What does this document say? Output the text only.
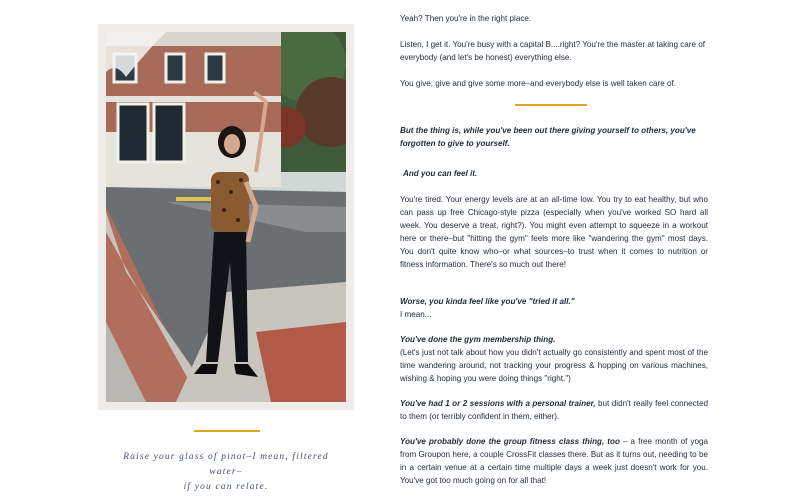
Raise your glass of pinot–I mean, filtered water–
if you can relate.

Yeah? Then you're in the right place.

Listen, I get it. You're busy with a capital B....right? You're the master at taking care of everybody (and let's be honest) everything else.

You give, give and give some more–and everybody else is well taken care of.

But the thing is, while you've been out there giving yourself to others, you've forgotten to give to yourself.

And you can feel it.

You're tired. Your energy levels are at an all-time low. You try to eat healthy, but who can pass up free Chicago-style pizza (especially when you've worked SO hard all week. You deserve a treat, right?). You might even attempt to squeeze in a workout here or there–but "hitting the gym" feels more like "wandering the gym" most days. You don't quite know who–or what sources–to trust when it comes to nutrition or fitness information. There's so much out there!

Worse, you kinda feel like you've "tried it all."

I mean...

You've done the gym membership thing.

(Let's just not talk about how you didn't actually go consistently and spent most of the time wandering around, not tracking your progress & hopping on various machines, wishing & hoping you were doing things "right.")

You've had 1 or 2 sessions with a personal trainer, but didn't really feel connected to them (or terribly confident in them, either).

You've probably done the group fitness class thing, too – a free month of yoga from Groupon here, a couple CrossFit classes there. But as it turns out, needing to be in a certain venue at a certain time multiple days a week just doesn't work for you. You've got too much going on for all that!
